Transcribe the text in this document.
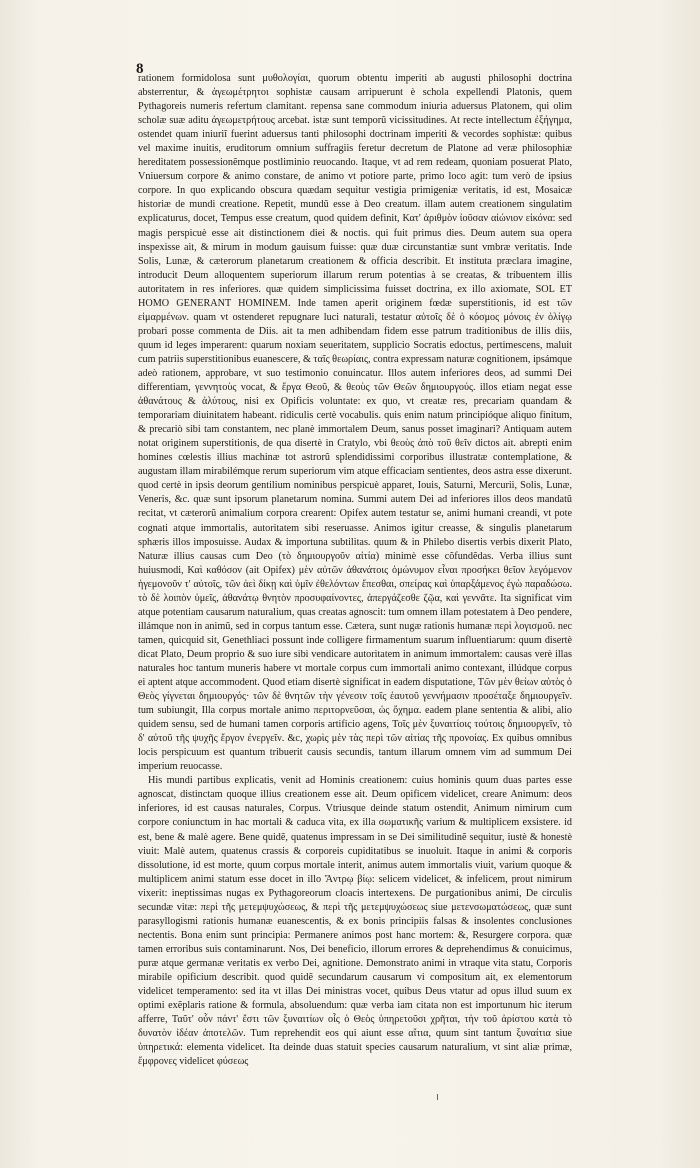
8

rationem formidolosa sunt μυθολογίαι, quorum obtentu imperiti ab augusti philosophi doctrina absterrentur, & ἀγεωμέτρητοι sophistæ causam arripuerunt è schola expellendi Platonis, quem Pythagoreis numeris refertum clamitant. repensa sane commodum iniuria aduersus Platonem, qui olim scholæ suæ aditu ἀγεωμετρήτους arcebat. istæ sunt temporũ vicissitudines. At recte intellectum ἐξήγημα, ostendet quam iniuriĩ fuerint aduersus tanti philosophi doctrinam imperiti & vecordes sophistæ: quibus vel maxime inuitis, eruditorum omnium suffragiis feretur decretum de Platone ad veræ philosophiæ hereditatem possessionẽmque postliminio reuocando. Itaque, vt ad rem redeam, quoniam posuerat Plato, Vniuersum corpore & animo constare, de animo vt potiore parte, primo loco agit: tum verò de ipsius corpore. In quo explicando obscura quædam sequitur vestigia primigeniæ veritatis, id est, Mosaicæ historiæ de mundi creatione. Repetit, mundũ esse à Deo creatum. illam autem creationem singulatim explicaturus, docet, Tempus esse creatum, quod quidem definit, Κατ' ἀριθμὸν ἰοῦσαν αἰώνιον εἰκόνα: sed magis perspicuè esse ait distinctionem diei & noctis. qui fuit primus dies. Deum autem sua opera inspexisse ait, & mirum in modum gauisum fuisse: quæ duæ circunstantiæ sunt vmbræ veritatis. Inde Solis, Lunæ, & cæterorum planetarum creationem & officia describit. Et instituta præclara imagine, introducit Deum alloquentem superiorum illarum rerum potentias à se creatas, & tribuentem illis autoritatem in res inferiores. quæ quidem simplicissima fuisset doctrina, ex illo axiomate, SOL ET HOMO GENERANT HOMINEM. Inde tamen aperit originem fœdæ superstitionis, id est τῶν εἱμαρμένων. quam vt ostenderet repugnare luci naturali, testatur αὐτοῖς δὲ ὁ κόσμος μόνοις ἐν ὀλίγῳ probari posse commenta de Diis. ait ta men adhibendam fidem esse patrum traditionibus de illis diis, quum id leges imperarent: quarum noxiam seueritatem, supplicio Socratis edoctus, pertimescens, maluit cum patriis superstitionibus euanescere, & ταῖς θεωρίαις, contra expressam naturæ cognitionem, ipsámque adeò rationem, approbare, vt suo testimonio conuincatur. Illos autem inferiores deos, ad summi Dei differentiam, γεννητοὺς vocat, & ἔργα Θεοῦ, & θεοὺς τῶν Θεῶν δημιουργούς. illos etiam negat esse ἀθανάτους & ἀλύτους, nisi ex Opificis voluntate: ex quo, vt creatæ res, precariam quandam & temporariam diuinitatem habeant. ridiculis certè vocabulis. quis enim natum principióque aliquo finitum, & precariò sibi tam constantem, nec planè immortalem Deum, sanus posset imaginari? Antiquam autem notat originem superstitionis, de qua disertè in Cratylo, vbi θεοὺς ἀπὸ τοῦ θεῖν dictos ait. abrepti enim homines cœlestis illius machinæ tot astrorũ splendidissimi corporibus illustratæ contemplatione, & augustam illam mirabilémque rerum superiorum vim atque efficaciam sentientes, deos astra esse dixerunt. quod certè in ipsis deorum gentilium nominibus perspicuè apparet, Iouis, Saturni, Mercurii, Solis, Lunæ, Veneris, &c. quæ sunt ipsorum planetarum nomina. Summi autem Dei ad inferiores illos deos mandatũ recitat, vt cæterorũ animalium corpora crearent: Opifex autem testatur se, animi humani creandi, vt pote cognati atque immortalis, autoritatem sibi reseruasse. Animos igitur creasse, & singulis planetarum sphæris illos imposuisse. Audax & importuna subtilitas. quum & in Philebo disertis verbis dixerit Plato, Naturæ illius causas cum Deo (τὸ δημιουργοῦν αἰτία) minimè esse cõfundẽdas. Verba illius sunt huiusmodi, Καὶ καθόσον (ait Opifex) μὲν αὐτῶν ἀθανάτοις ὁμώνυμον εἶναι προσήκει θεῖον λεγόμενον ἡγεμονοῦν τ' αὐτοῖς, τῶν ἀεὶ δίκῃ καὶ ὑμῖν ἐθελόντων ἕπεσθαι, σπείρας καὶ ὑπαρξάμενος ἐγὼ παραδώσω. τὸ δὲ λοιπὸν ὑμεῖς, ἀθανάτῳ θνητὸν προσυφαίνοντες, ἀπεργάζεσθε ζῷα, καὶ γεννᾶτε. Ita significat vim atque potentiam causarum naturalium, quas creatas agnoscit: tum omnem illam potestatem à Deo pendere, illámque non in animũ, sed in corpus tantum esse. Cætera, sunt nugæ rationis humanæ περὶ λογισμοῦ. nec tamen, quicquid sit, Genethliaci possunt inde colligere firmamentum suarum influentiarum: quum disertè dicat Plato, Deum proprio & suo iure sibi vendicare autoritatem in animum immortalem: causas verè illas naturales hoc tantum muneris habere vt mortale corpus cum immortali animo contexant, illúdque corpus ei aptent atque accommodent. Quod etiam disertè significat in eadem disputatione, Τῶν μὲν θείων αὐτὸς ὁ Θεὸς γίγνεται δημιουργός· τῶν δὲ θνητῶν τὴν γένεσιν τοῖς ἑαυτοῦ γεννήμασιν προσέταξε δημιουργεῖν. tum subiungit, Illa corpus mortale animo περιτορνεῦσαι, ὡς ὄχημα. eadem plane sententia & alibi, alio quidem sensu, sed de humani tamen corporis artificio agens, Τοῖς μὲν ξυναιτίοις τούτοις δημιουργεῖν, τὸ δ' αὐτοῦ τῆς ψυχῆς ἔργον ἐνεργεῖν. &c, χωρὶς μὲν τὰς περὶ τῶν αἰτίας τῆς προνοίας. Ex quibus omnibus locis perspicuum est quantum tribuerit causis secundis, tantum illarum omnem vim ad summum Dei imperium reuocasse.

His mundi partibus explicatis, venit ad Hominis creationem: cuius hominis quum duas partes esse agnoscat, distinctam quoque illius creationem esse ait. Deum opificem videlicet, creare Animum: deos inferiores, id est causas naturales, Corpus. Vtriusque deinde statum ostendit, Animum nimirum cum corpore coniunctum in hac mortali & caduca vita, ex illa σωματικῆς varium & multiplicem exsistere. id est, bene & malè agere. Bene quidẽ, quatenus impressam in se Dei similitudinẽ sequitur, iustè & honestè viuit: Malè autem, quatenus crassis & corporeis cupiditatibus se inuoluit. Itaque in animi & corporis dissolutione, id est morte, quum corpus mortale interit, animus autem immortalis viuit, varium quoque & multiplicem animi statum esse docet in illo Ἄντρῳ βίῳ: selicem videlicet, & infelicem, prout nimirum vixerit: ineptissimas nugas ex Pythagoreorum cloacis intertexens. De purgationibus animi, De circulis secundæ vitæ: περὶ τῆς μετεμψυχώσεως, & περὶ τῆς μετεμψυχώσεως siue μετενσωματώσεως, quæ sunt parasyllogismi rationis humanæ euanescentis, & ex bonis principiis falsas & insolentes conclusiones nectentis. Bona enim sunt principia: Permanere animos post hanc mortem: &, Resurgere corpora. quæ tamen erroribus suis contaminarunt. Nos, Dei beneficio, illorum errores & deprehendimus & conuicimus, puræ atque germanæ veritatis ex verbo Dei, agnitione. Demonstrato animi in vtraque vita statu, Corporis mirabile opificium describit. quod quidẽ secundarum causarum vi compositum ait, ex elementorum videlicet temperamento: sed ita vt illas Dei ministras vocet, quibus Deus vtatur ad opus illud suum ex optimi exẽplaris ratione & formula, absoluendum: quæ verba iam citata non est importunum hic iterum afferre, Ταῦτ' οὖν πάντ' ἔστι τῶν ξυναιτίων οἷς ὁ Θεὸς ὑπηρετοῦσι χρῆται, τὴν τοῦ ἀρίστου κατὰ τὸ δυνατὸν ἰδέαν ἀποτελῶν. Tum reprehendit eos qui aiunt esse αἴτια, quum sint tantum ξυναίτια siue ὑπηρετικά: elementa videlicet. Ita deinde duas statuit species causarum naturalium, vt sint aliæ primæ, ἔμφρονες videlicet φύσεως
